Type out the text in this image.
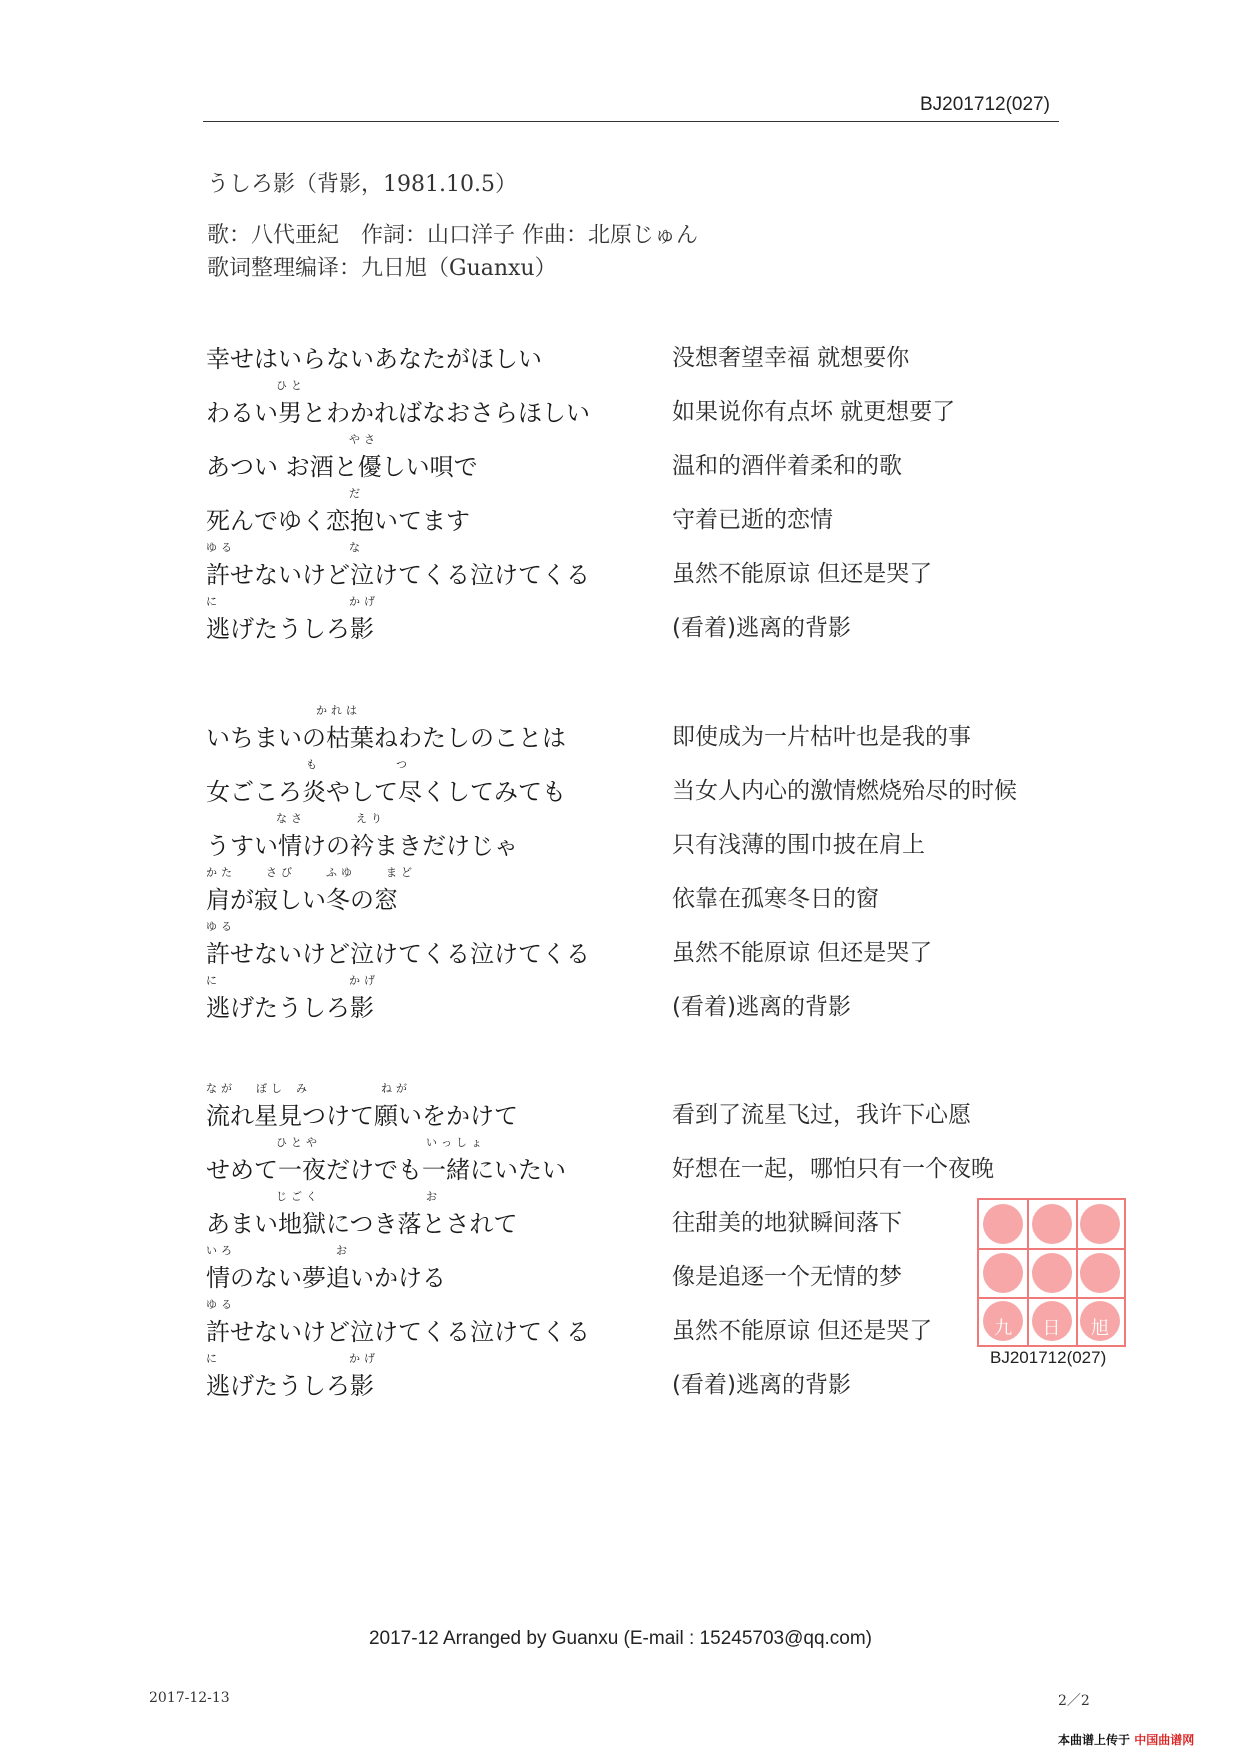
BJ201712(027)
うしろ影（背影，1981.10.5）
歌：八代亜紀　作詞：山口洋子 作曲：北原じゅん
歌词整理编译：九日旭（Guanxu）
幸せはいらないあなたがほしい	没想奢望幸福 就想要你
ひと
わるい男とわかればなおさらほしい	如果说你有点坏 就更想要了
やさ
あつい お酒と優しい唄で	温和的酒伴着柔和的歌
だ
死んでゆく恋抱いてます	守着已逝的恋情
ゆる	な
許せないけど泣けてくる泣けてくる	虽然不能原谅 但还是哭了
に	かげ
逃げたうしろ影	(看着)逃离的背影
かれは
いちまいの枯葉ねわたしのことは	即使成为一片枯叶也是我的事
も	つ
女ごころ炎やして尽くしてみても	当女人内心的激情燃烧殆尽的时候
なさ	えり
うすい情けの衿まきだけじゃ	只有浅薄的围巾披在肩上
かた	さび	ふゆ	まど
肩が寂しい冬の窓	依靠在孤寒冬日的窗
ゆる
許せないけど泣けてくる泣けてくる	虽然不能原谅 但还是哭了
に	かげ
逃げたうしろ影	(看着)逃离的背影
なが ぼし み	ねが
流れ星見つけて願いをかけて	看到了流星飞过，我许下心愿
ひとや	いっしょ
せめて一夜だけでも一緒にいたい	好想在一起，哪怕只有一个夜晚
じごく	お
あまい地獄につき落とされて	往甜美的地狱瞬间落下
いろ	お
情のない夢追いかける	像是追逐一个无情的梦
ゆる
許せないけど泣けてくる泣けてくる	虽然不能原谅 但还是哭了
に	かげ
逃げたうしろ影	(看着)逃离的背影
九	日	旭
BJ201712(027)
2017-12 Arranged by Guanxu (E-mail : 15245703@qq.com)
2017-12-13	2／2
本曲谱上传于 中国曲谱网
